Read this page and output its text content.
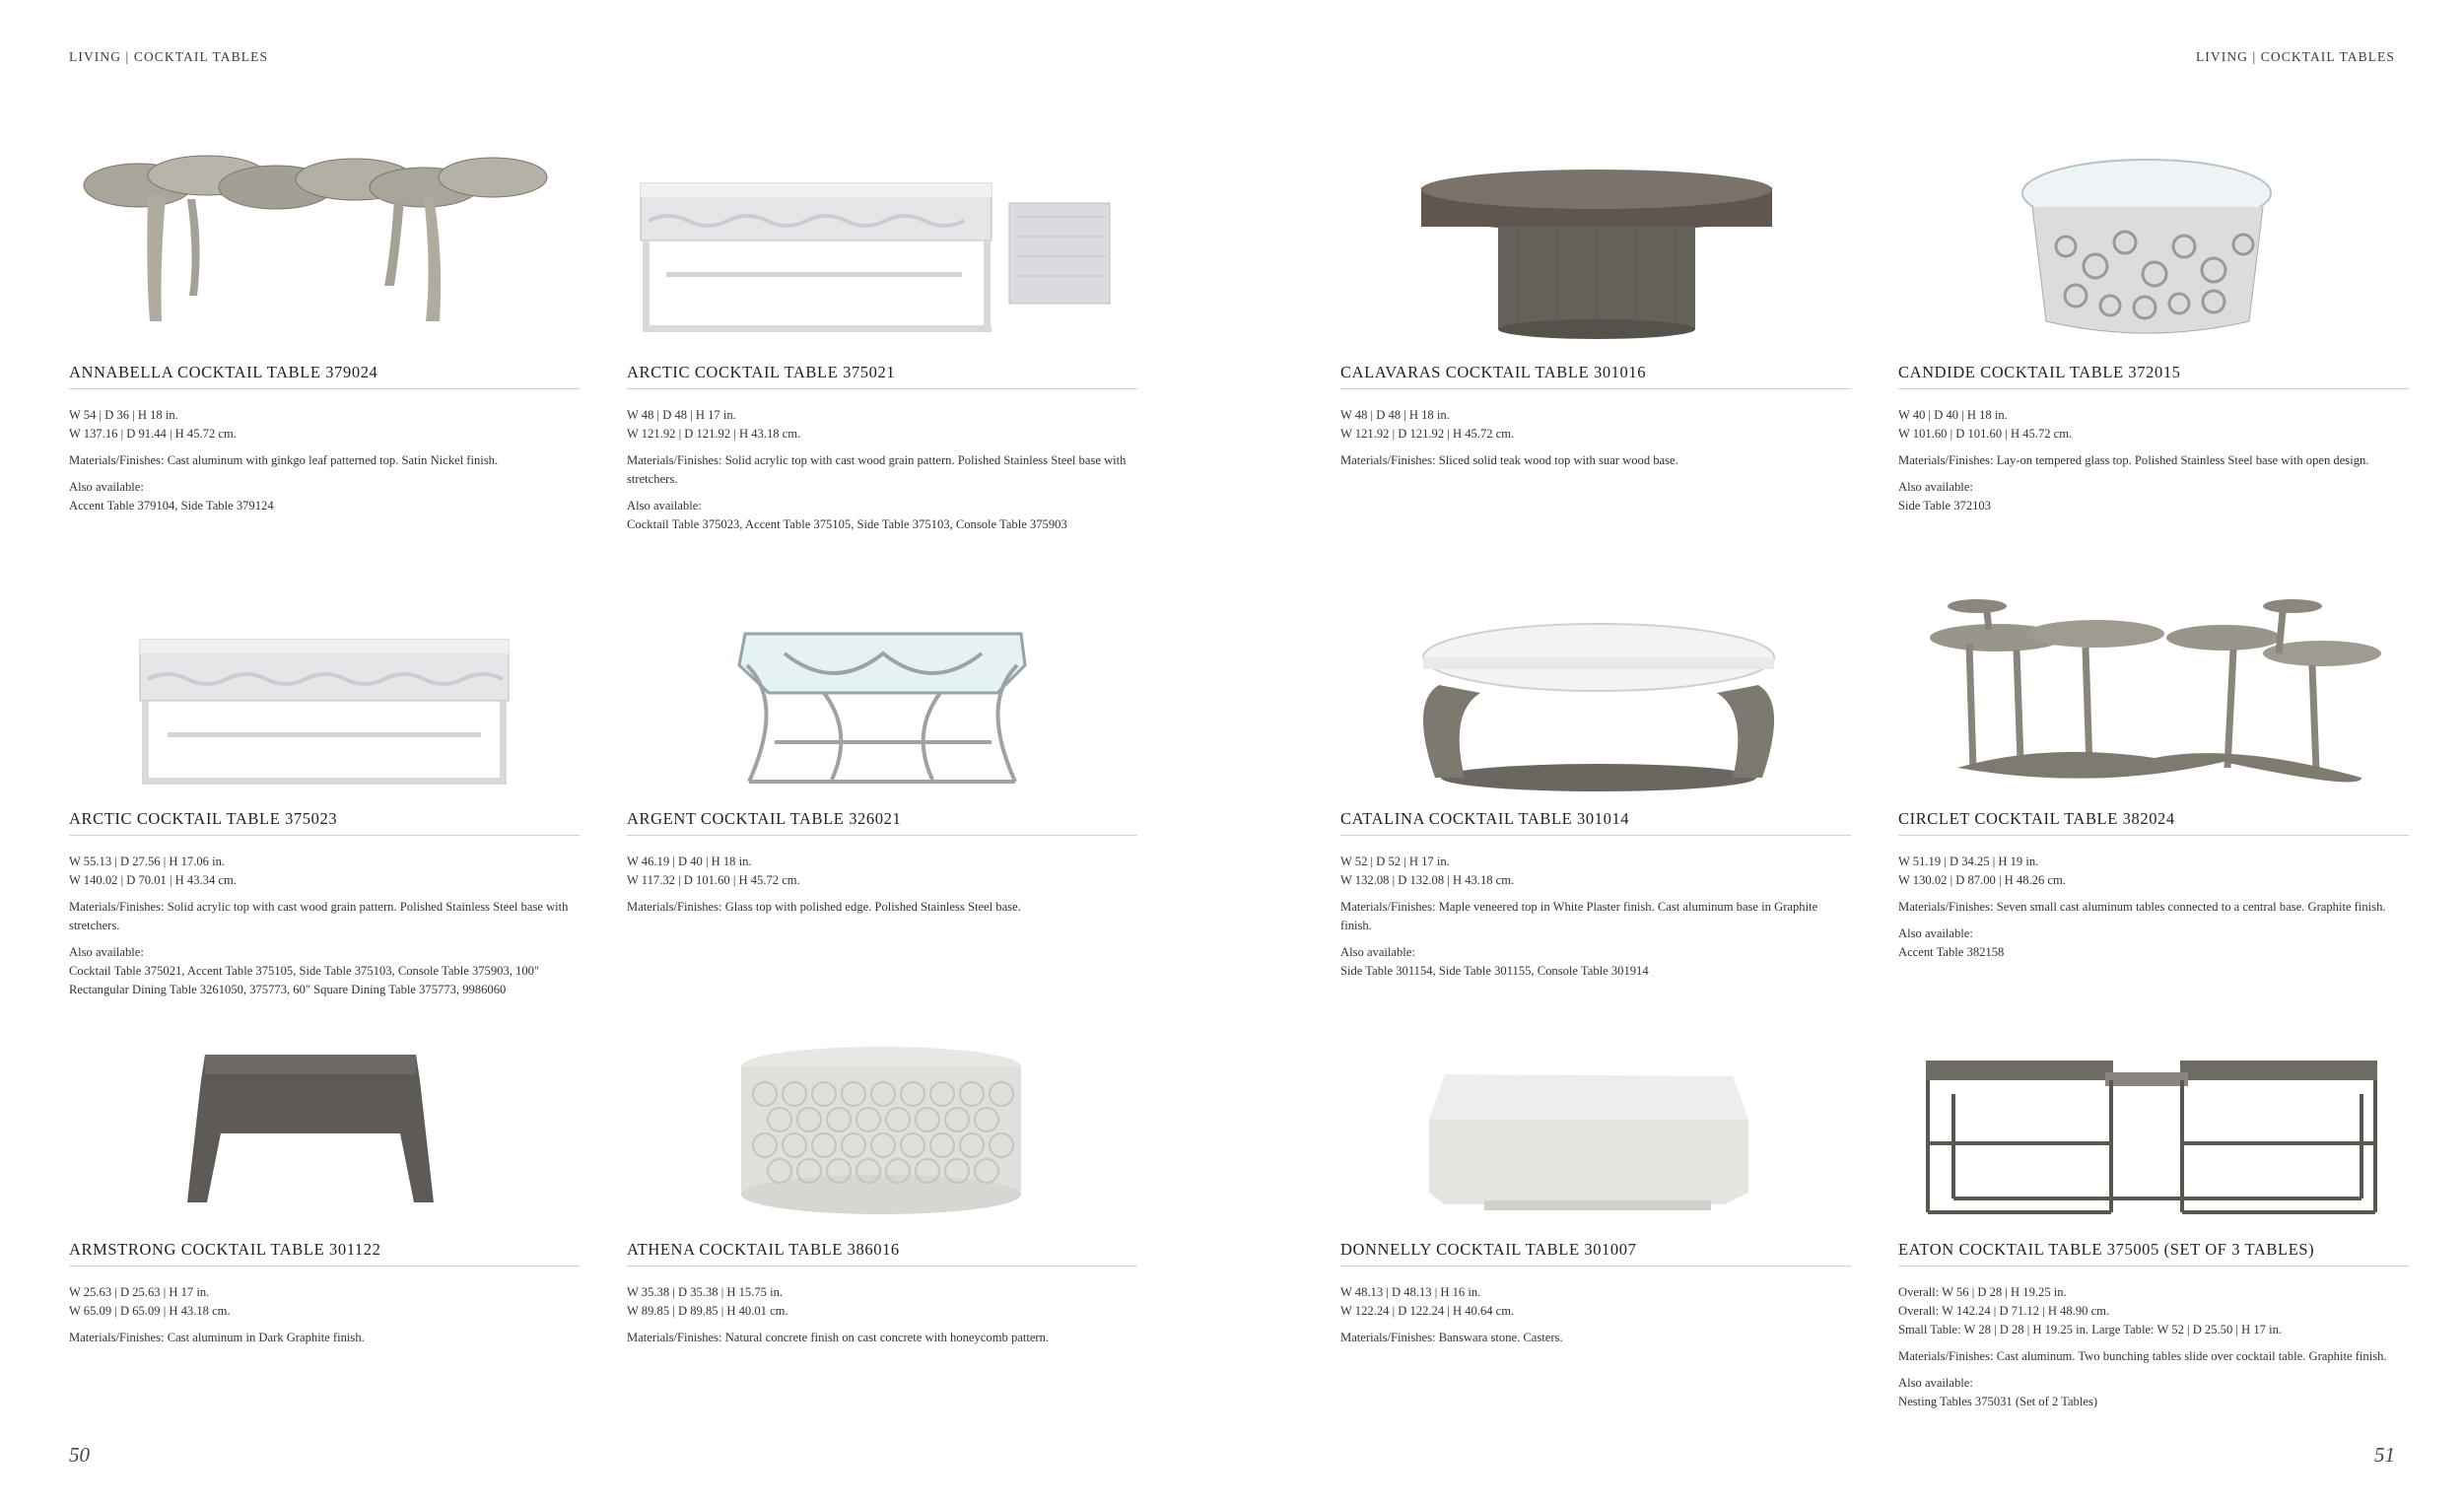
LIVING | COCKTAIL TABLES	LIVING | COCKTAIL TABLES
ANNABELLA COCKTAIL TABLE 379024

W 54 | D 36 | H 18 in.
W 137.16 | D 91.44 | H 45.72 cm.

Materials/Finishes: Cast aluminum with ginkgo leaf patterned top. Satin Nickel finish.

Also available:
Accent Table 379104, Side Table 379124

ARCTIC COCKTAIL TABLE 375021

W 48 | D 48 | H 17 in.
W 121.92 | D 121.92 | H 43.18 cm.

Materials/Finishes: Solid acrylic top with cast wood grain pattern. Polished Stainless Steel base with stretchers.

Also available:
Cocktail Table 375023, Accent Table 375105, Side Table 375103, Console Table 375903

CALAVARAS COCKTAIL TABLE 301016

W 48 | D 48 | H 18 in.
W 121.92 | D 121.92 | H 45.72 cm.

Materials/Finishes: Sliced solid teak wood top with suar wood base.

CANDIDE COCKTAIL TABLE 372015

W 40 | D 40 | H 18 in.
W 101.60 | D 101.60 | H 45.72 cm.

Materials/Finishes: Lay-on tempered glass top. Polished Stainless Steel base with open design.

Also available:
Side Table 372103

ARCTIC COCKTAIL TABLE 375023

W 55.13 | D 27.56 | H 17.06 in.
W 140.02 | D 70.01 | H 43.34 cm.

Materials/Finishes: Solid acrylic top with cast wood grain pattern. Polished Stainless Steel base with stretchers.

Also available:
Cocktail Table 375021, Accent Table 375105, Side Table 375103, Console Table 375903, 100" Rectangular Dining Table 3261050, 375773, 60" Square Dining Table 375773, 9986060

ARGENT COCKTAIL TABLE 326021

W 46.19 | D 40 | H 18 in.
W 117.32 | D 101.60 | H 45.72 cm.

Materials/Finishes: Glass top with polished edge. Polished Stainless Steel base.

CATALINA COCKTAIL TABLE 301014

W 52 | D 52 | H 17 in.
W 132.08 | D 132.08 | H 43.18 cm.

Materials/Finishes: Maple veneered top in White Plaster finish. Cast aluminum base in Graphite finish.

Also available:
Side Table 301154, Side Table 301155, Console Table 301914

CIRCLET COCKTAIL TABLE 382024

W 51.19 | D 34.25 | H 19 in.
W 130.02 | D 87.00 | H 48.26 cm.

Materials/Finishes: Seven small cast aluminum tables connected to a central base. Graphite finish.

Also available:
Accent Table 382158

ARMSTRONG COCKTAIL TABLE 301122

W 25.63 | D 25.63 | H 17 in.
W 65.09 | D 65.09 | H 43.18 cm.

Materials/Finishes: Cast aluminum in Dark Graphite finish.

ATHENA COCKTAIL TABLE 386016

W 35.38 | D 35.38 | H 15.75 in.
W 89.85 | D 89.85 | H 40.01 cm.

Materials/Finishes: Natural concrete finish on cast concrete with honeycomb pattern.

DONNELLY COCKTAIL TABLE 301007

W 48.13 | D 48.13 | H 16 in.
W 122.24 | D 122.24 | H 40.64 cm.

Materials/Finishes: Banswara stone. Casters.

EATON COCKTAIL TABLE 375005 (SET OF 3 TABLES)

Overall: W 56 | D 28 | H 19.25 in.
Overall: W 142.24 | D 71.12 | H 48.90 cm.
Small Table: W 28 | D 28 | H 19.25 in. Large Table: W 52 | D 25.50 | H 17 in.

Materials/Finishes: Cast aluminum. Two bunching tables slide over cocktail table. Graphite finish.

Also available:
Nesting Tables 375031 (Set of 2 Tables)

50	51
